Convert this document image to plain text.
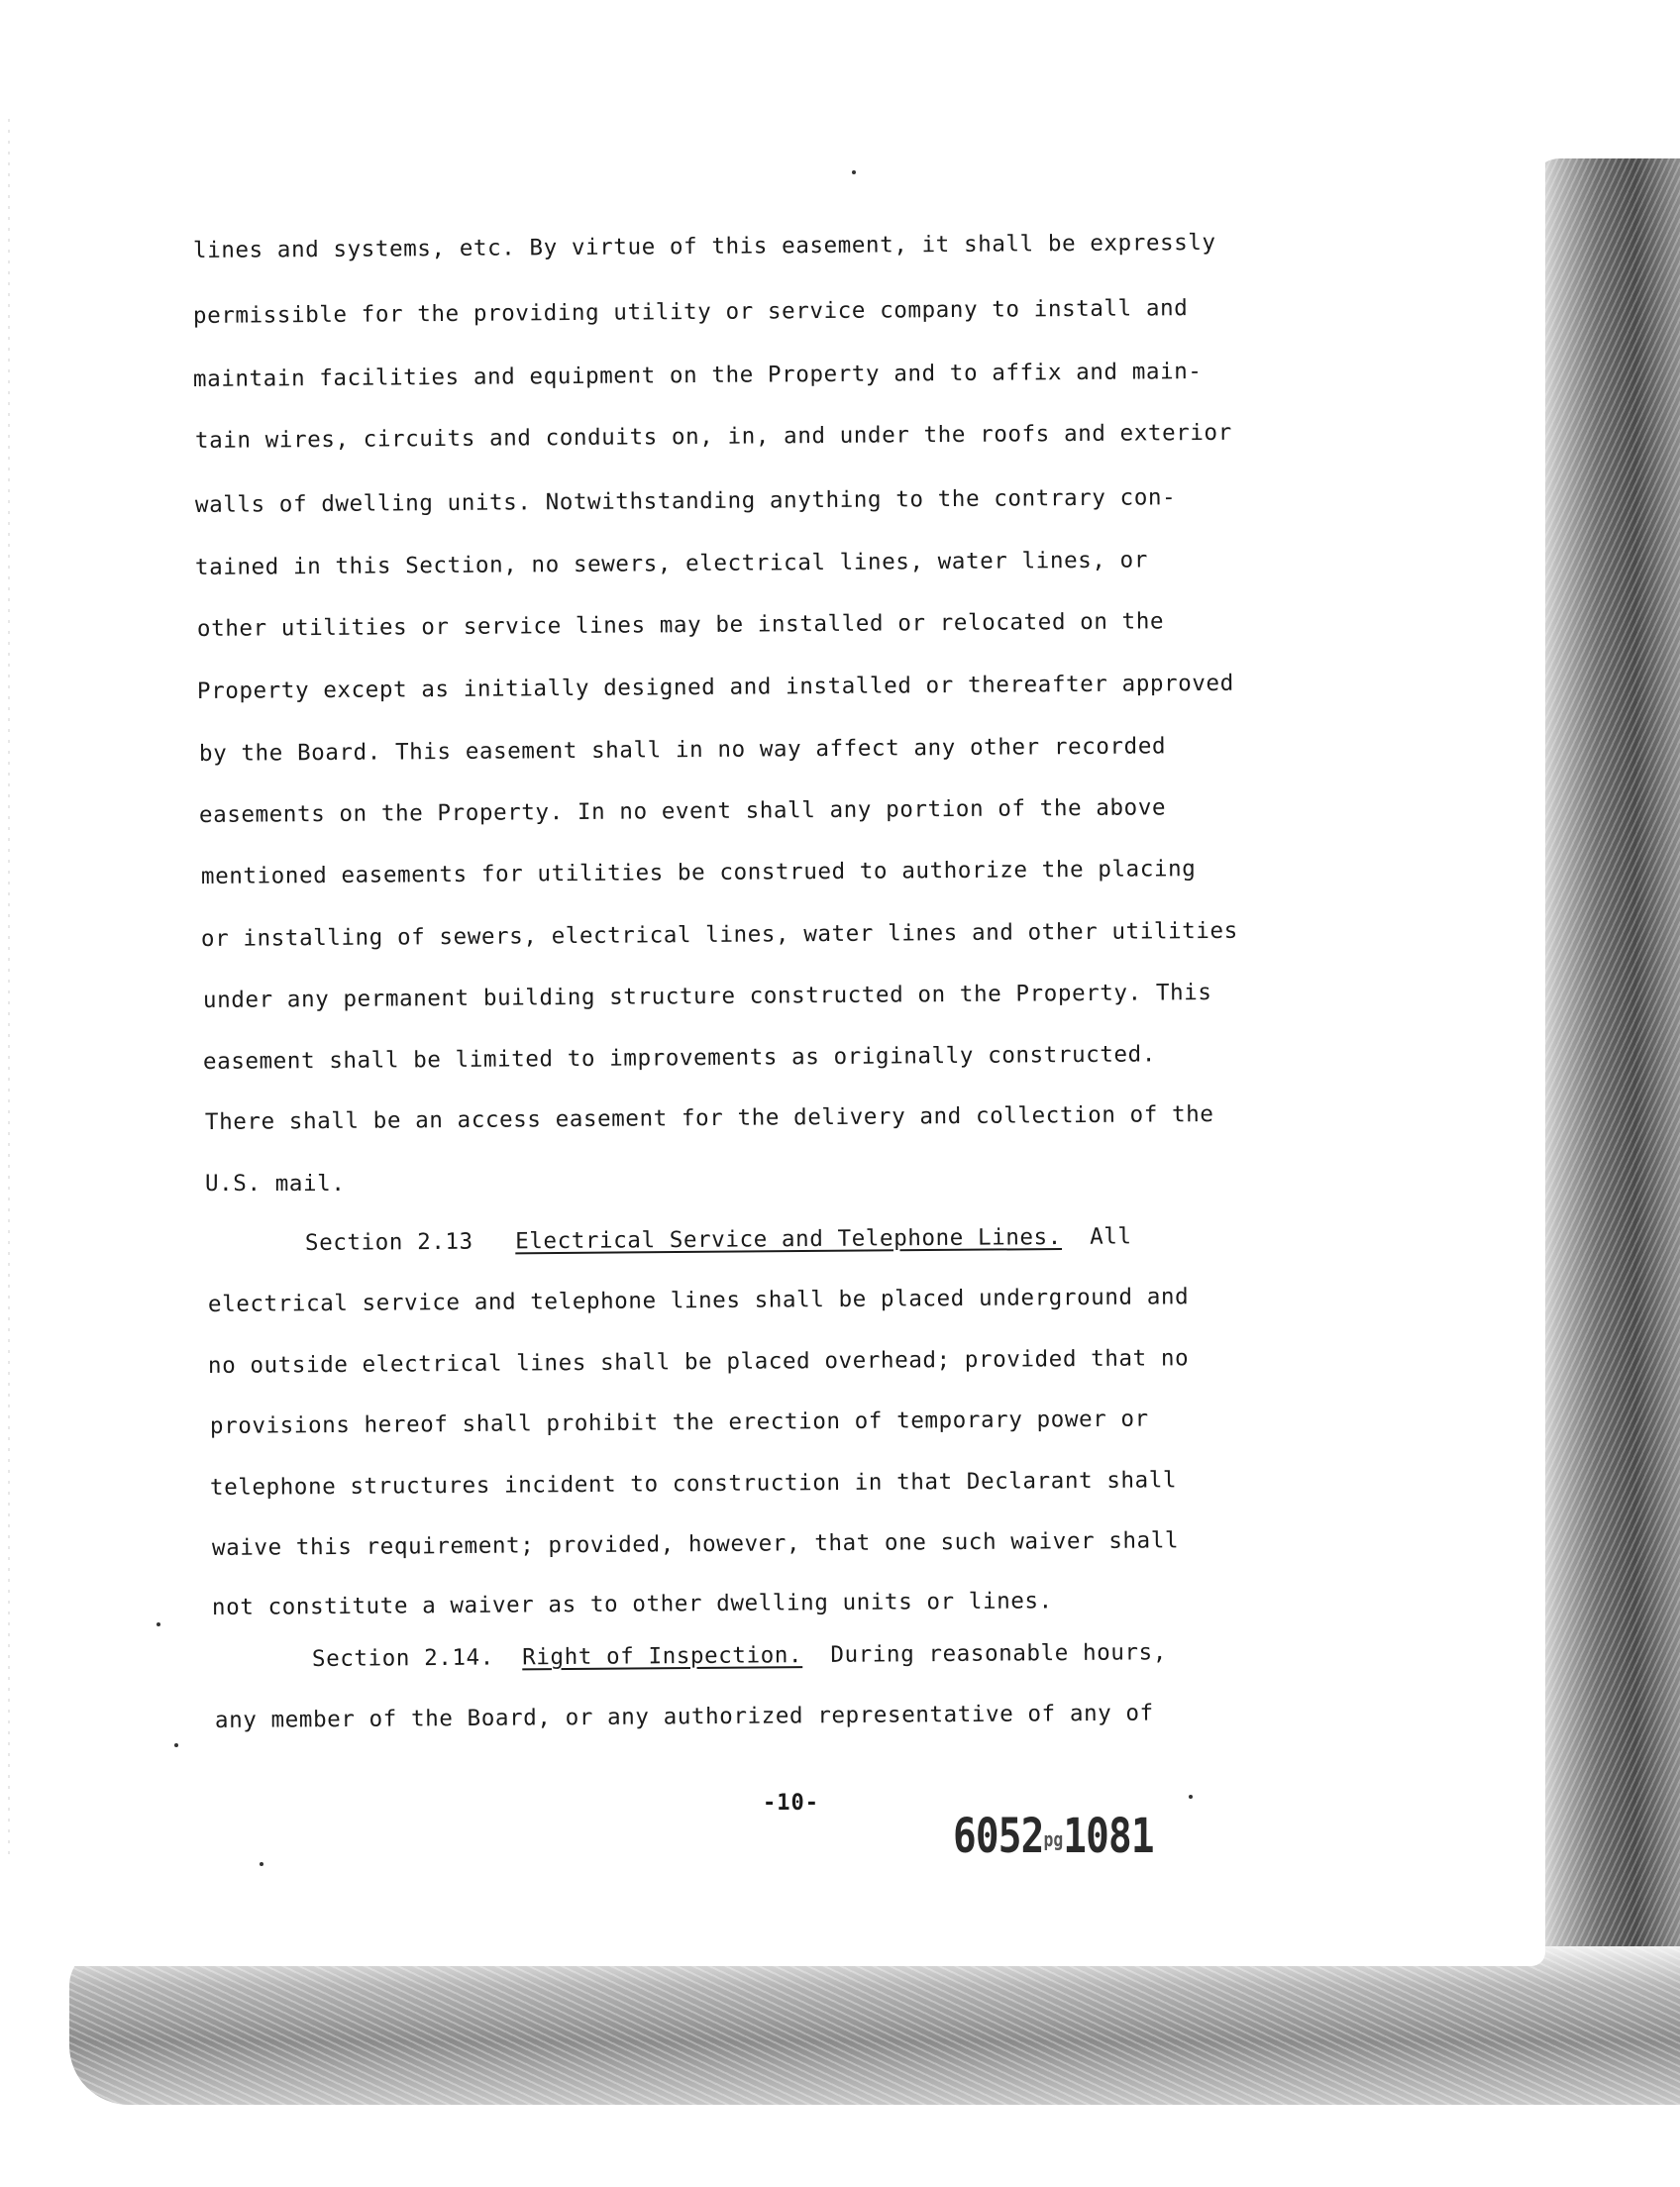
lines and systems, etc. By virtue of this easement, it shall be expressly
permissible for the providing utility or service company to install and
maintain facilities and equipment on the Property and to affix and main-
tain wires, circuits and conduits on, in, and under the roofs and exterior
walls of dwelling units. Notwithstanding anything to the contrary con-
tained in this Section, no sewers, electrical lines, water lines, or
other utilities or service lines may be installed or relocated on the
Property except as initially designed and installed or thereafter approved
by the Board. This easement shall in no way affect any other recorded
easements on the Property. In no event shall any portion of the above
mentioned easements for utilities be construed to authorize the placing
or installing of sewers, electrical lines, water lines and other utilities
under any permanent building structure constructed on the Property. This
easement shall be limited to improvements as originally constructed.
There shall be an access easement for the delivery and collection of the
U.S. mail.
Section 2.13 Electrical Service and Telephone Lines. All
electrical service and telephone lines shall be placed underground and
no outside electrical lines shall be placed overhead; provided that no
provisions hereof shall prohibit the erection of temporary power or
telephone structures incident to construction in that Declarant shall
waive this requirement; provided, however, that one such waiver shall
not constitute a waiver as to other dwelling units or lines.
Section 2.14. Right of Inspection. During reasonable hours,
any member of the Board, or any authorized representative of any of
-10-
6052pg1081
